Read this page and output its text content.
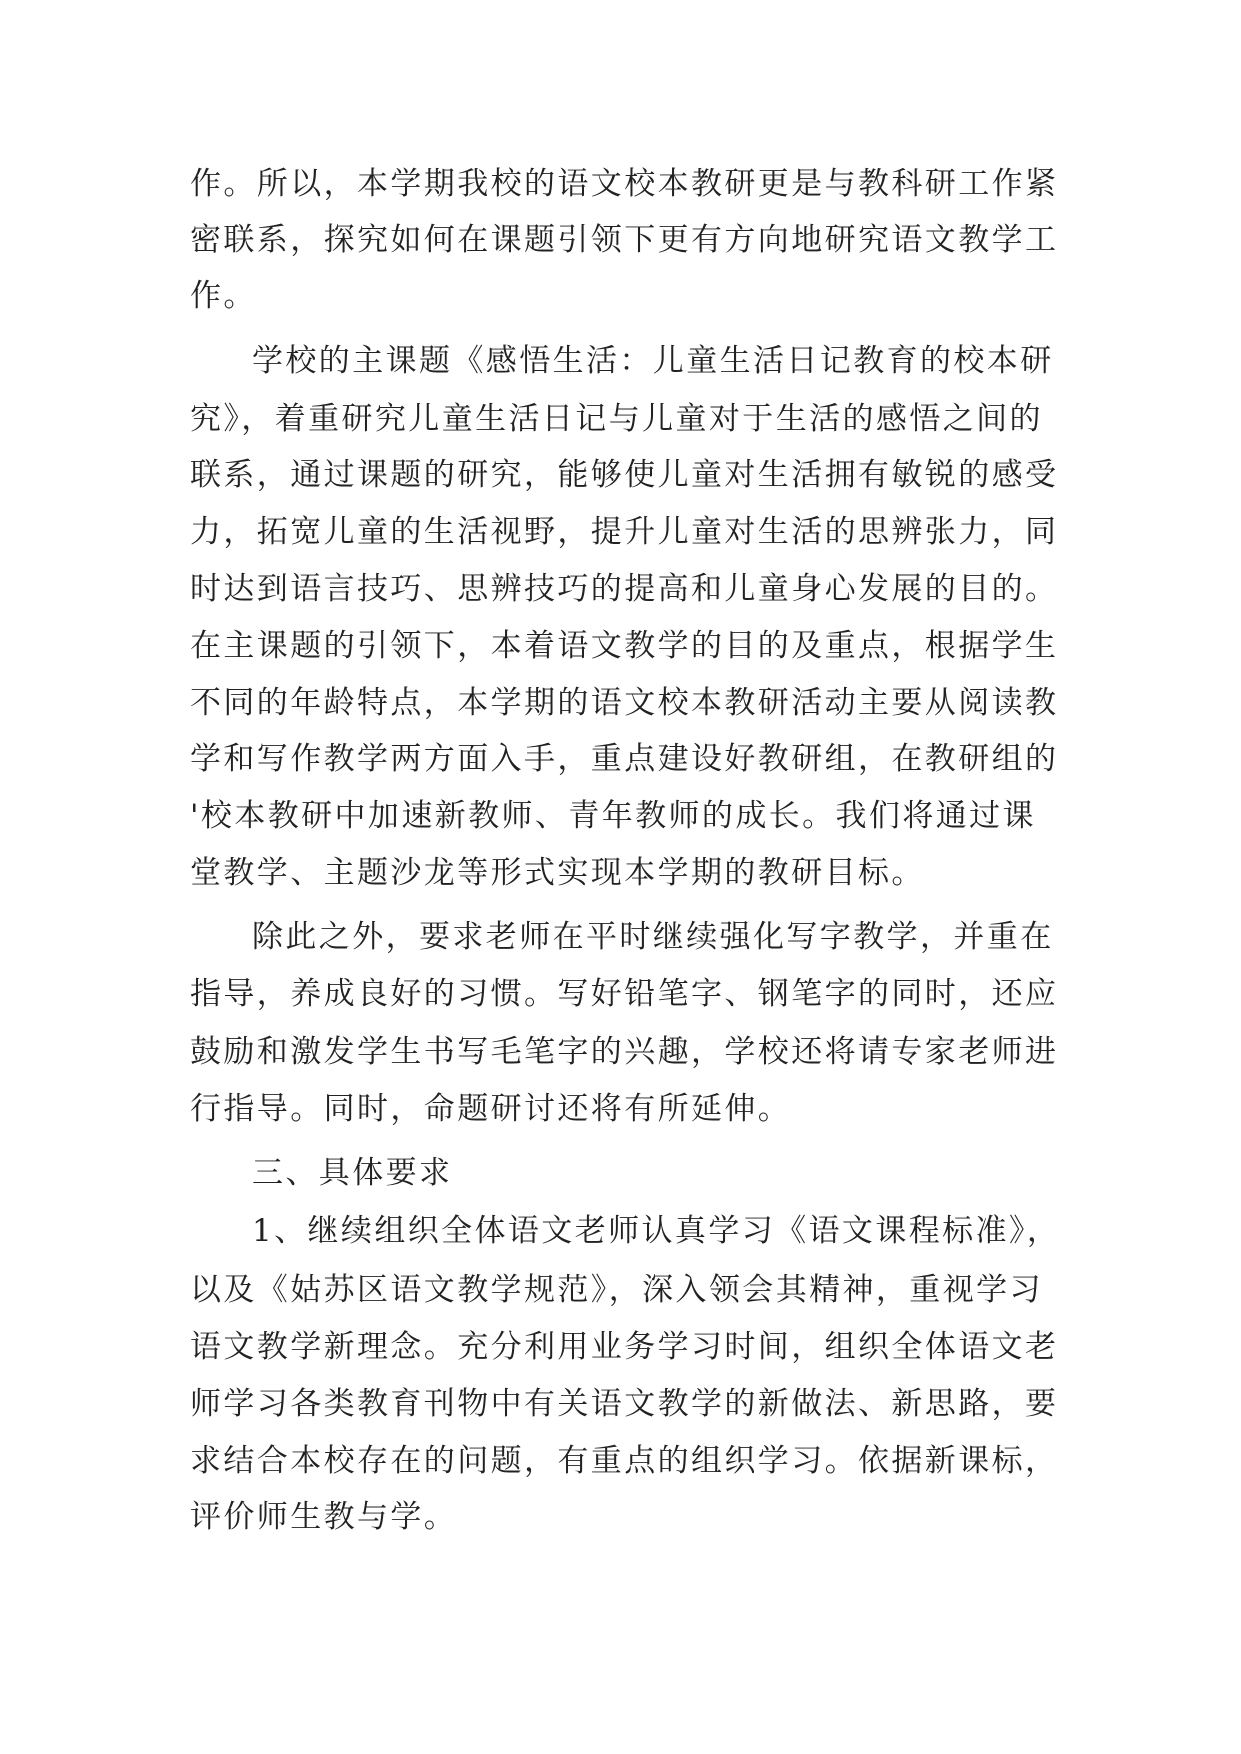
作。所以，本学期我校的语文校本教研更是与教科研工作紧
密联系，探究如何在课题引领下更有方向地研究语文教学工
作。
学校的主课题《感悟生活：儿童生活日记教育的校本研
究》，着重研究儿童生活日记与儿童对于生活的感悟之间的
联系，通过课题的研究，能够使儿童对生活拥有敏锐的感受
力，拓宽儿童的生活视野，提升儿童对生活的思辨张力，同
时达到语言技巧、思辨技巧的提高和儿童身心发展的目的。
在主课题的引领下，本着语文教学的目的及重点，根据学生
不同的年龄特点，本学期的语文校本教研活动主要从阅读教
学和写作教学两方面入手，重点建设好教研组，在教研组的
'校本教研中加速新教师、青年教师的成长。我们将通过课
堂教学、主题沙龙等形式实现本学期的教研目标。
除此之外，要求老师在平时继续强化写字教学，并重在
指导，养成良好的习惯。写好铅笔字、钢笔字的同时，还应
鼓励和激发学生书写毛笔字的兴趣，学校还将请专家老师进
行指导。同时，命题研讨还将有所延伸。
三、具体要求
1、继续组织全体语文老师认真学习《语文课程标准》，
以及《姑苏区语文教学规范》，深入领会其精神，重视学习
语文教学新理念。充分利用业务学习时间，组织全体语文老
师学习各类教育刊物中有关语文教学的新做法、新思路，要
求结合本校存在的问题，有重点的组织学习。依据新课标，
评价师生教与学。
